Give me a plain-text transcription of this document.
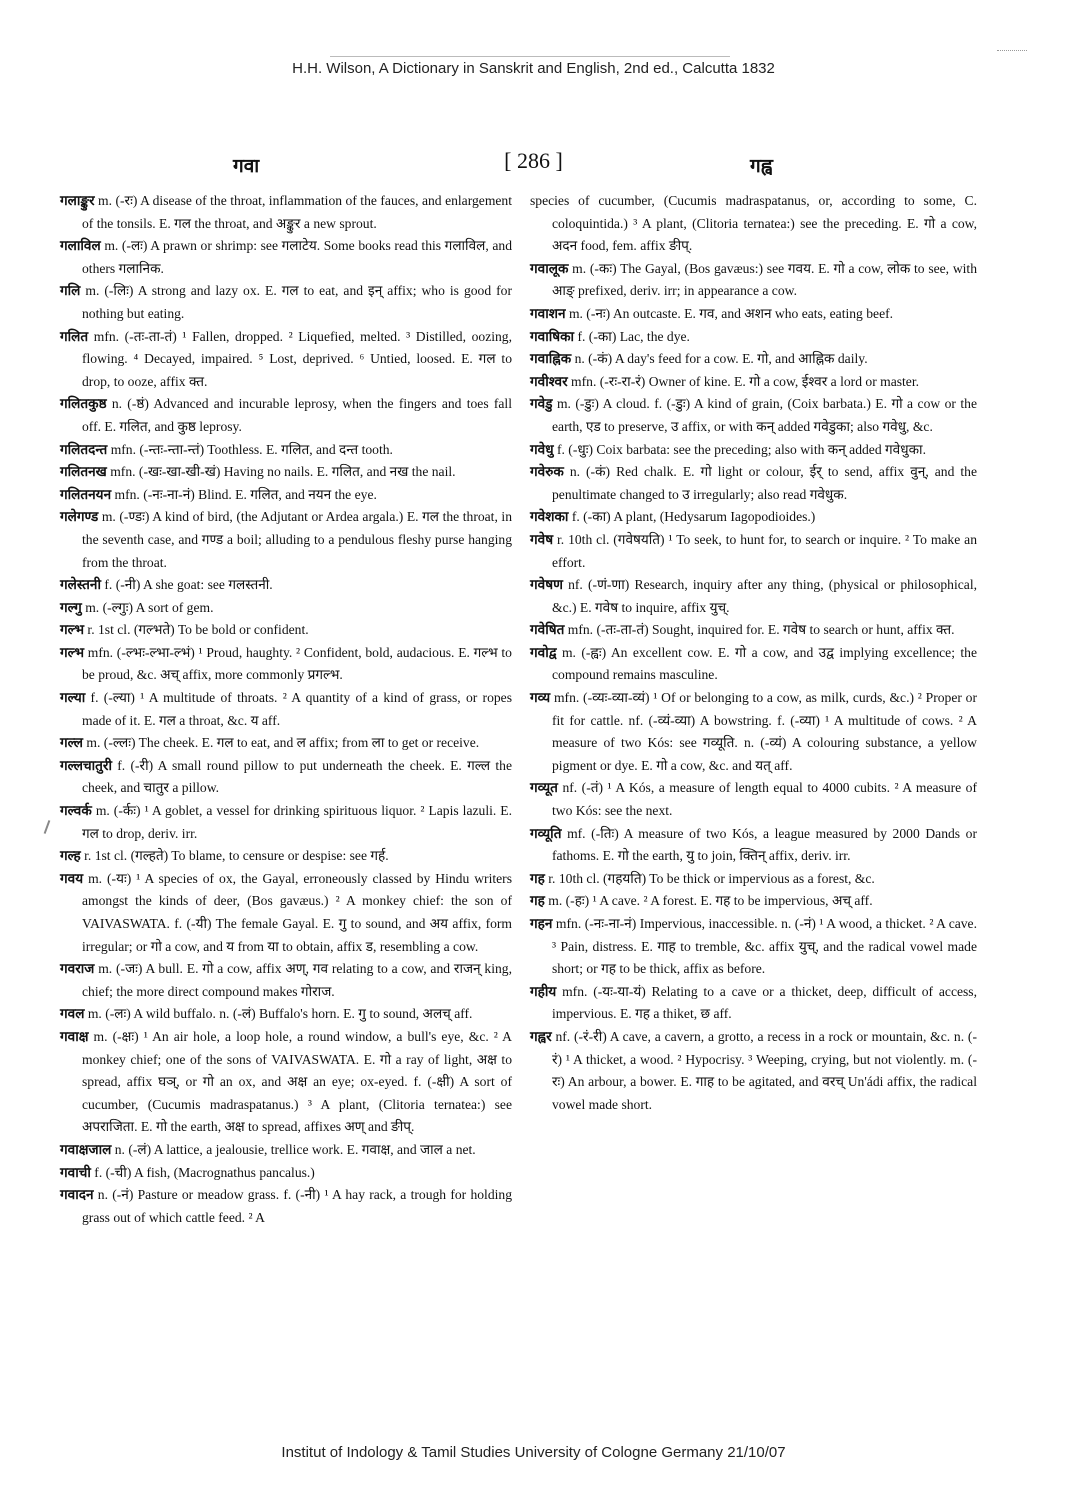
H.H. Wilson, A Dictionary in Sanskrit and English, 2nd ed., Calcutta 1832
गवा	[ 286 ]	गह्व

गलाङ्कुर m. (-रः) A disease of the throat, inflammation of the fauces, and enlargement of the tonsils. E. गल the throat, and अङ्कुर a new sprout.

गलाविल m. (-लः) A prawn or shrimp: see गलाटेय. Some books read this गलाविल, and others गलानिक.

गलि m. (-लिः) A strong and lazy ox. E. गल to eat, and इन् affix; who is good for nothing but eating.

गलित mfn. (-तः-ता-तं) ¹ Fallen, dropped. ² Liquefied, melted. ³ Distilled, oozing, flowing. ⁴ Decayed, impaired. ⁵ Lost, deprived. ⁶ Untied, loosed. E. गल to drop, to ooze, affix क्त.

गलितकुष्ठ n. (-ष्ठं) Advanced and incurable leprosy, when the fingers and toes fall off. E. गलित, and कुष्ठ leprosy.

गलितदन्त mfn. (-न्तः-न्ता-न्तं) Toothless. E. गलित, and दन्त tooth.

गलितनख mfn. (-खः-खा-खी-खं) Having no nails. E. गलित, and नख the nail.

गलितनयन mfn. (-नः-ना-नं) Blind. E. गलित, and नयन the eye.

गलेगण्ड m. (-ण्डः) A kind of bird, (the Adjutant or Ardea argala.) E. गल the throat, in the seventh case, and गण्ड a boil; alluding to a pendulous fleshy purse hanging from the throat.

गलेस्तनी f. (-नी) A she goat: see गलस्तनी.

गल्गु m. (-ल्गुः) A sort of gem.

गल्भ r. 1st cl. (गल्भते) To be bold or confident.

गल्भ mfn. (-ल्भः-ल्भा-ल्भं) ¹ Proud, haughty. ² Confident, bold, audacious. E. गल्भ to be proud, &c. अच् affix, more commonly प्रगल्भ.

गल्या f. (-ल्या) ¹ A multitude of throats. ² A quantity of a kind of grass, or ropes made of it. E. गल a throat, &c. य aff.

गल्ल m. (-ल्लः) The cheek. E. गल to eat, and ल affix; from ला to get or receive.

गल्लचातुरी f. (-री) A small round pillow to put underneath the cheek. E. गल्ल the cheek, and चातुर a pillow.

गल्वर्क m. (-र्कः) ¹ A goblet, a vessel for drinking spirituous liquor. ² Lapis lazuli. E. गल to drop, deriv. irr.

गल्ह r. 1st cl. (गल्हते) To blame, to censure or despise: see गर्ह.

गवय m. (-यः) ¹ A species of ox, the Gayal, erroneously classed by Hindu writers amongst the kinds of deer, (Bos gavæus.) ² A monkey chief: the son of VAIVASWATA. f. (-यी) The female Gayal. E. गु to sound, and अय affix, form irregular; or गो a cow, and य from या to obtain, affix ड, resembling a cow.

गवराज m. (-जः) A bull. E. गो a cow, affix अण्, गव relating to a cow, and राजन् king, chief; the more direct compound makes गोराज.

गवल m. (-लः) A wild buffalo. n. (-लं) Buffalo's horn. E. गु to sound, अलच् aff.

गवाक्ष m. (-क्षः) ¹ An air hole, a loop hole, a round window, a bull's eye, &c. ² A monkey chief; one of the sons of VAIVASWATA. E. गो a ray of light, अक्ष to spread, affix घञ्, or गो an ox, and अक्ष an eye; ox-eyed. f. (-क्षी) A sort of cucumber, (Cucumis madraspatanus.) ³ A plant, (Clitoria ternatea:) see अपराजिता. E. गो the earth, अक्ष to spread, affixes अण् and ङीप्.

गवाक्षजाल n. (-लं) A lattice, a jealousie, trellice work. E. गवाक्ष, and जाल a net.

गवाची f. (-ची) A fish, (Macrognathus pancalus.)

गवादन n. (-नं) Pasture or meadow grass. f. (-नी) ¹ A hay rack, a trough for holding grass out of which cattle feed. ² A

species of cucumber, (Cucumis madraspatanus, or, according to some, C. coloquintida.) ³ A plant, (Clitoria ternatea:) see the preceding. E. गो a cow, अदन food, fem. affix ङीप्.

गवालूक m. (-कः) The Gayal, (Bos gavæus:) see गवय. E. गो a cow, लोक to see, with आङ् prefixed, deriv. irr; in appearance a cow.

गवाशन m. (-नः) An outcaste. E. गव, and अशन who eats, eating beef.

गवाषिका f. (-का) Lac, the dye.

गवाह्निक n. (-कं) A day's feed for a cow. E. गो, and आह्निक daily.

गवीश्वर mfn. (-रः-रा-रं) Owner of kine. E. गो a cow, ईश्वर a lord or master.

गवेडु m. (-डुः) A cloud. f. (-डुः) A kind of grain, (Coix barbata.) E. गो a cow or the earth, एड to preserve, उ affix, or with कन् added गवेडुका; also गवेधु, &c.

गवेधु f. (-धुः) Coix barbata: see the preceding; also with कन् added गवेधुका.

गवेरुक n. (-कं) Red chalk. E. गो light or colour, ईर् to send, affix वुन्, and the penultimate changed to उ irregularly; also read गवेधुक.

गवेशका f. (-का) A plant, (Hedysarum Iagopodioides.)

गवेष r. 10th cl. (गवेषयति) ¹ To seek, to hunt for, to search or inquire. ² To make an effort.

गवेषण nf. (-णं-णा) Research, inquiry after any thing, (physical or philosophical, &c.) E. गवेष to inquire, affix युच्.

गवेषित mfn. (-तः-ता-तं) Sought, inquired for. E. गवेष to search or hunt, affix क्त.

गवोद्व m. (-ह्वः) An excellent cow. E. गो a cow, and उद्व implying excellence; the compound remains masculine.

गव्य mfn. (-व्यः-व्या-व्यं) ¹ Of or belonging to a cow, as milk, curds, &c.) ² Proper or fit for cattle. nf. (-व्यं-व्या) A bowstring. f. (-व्या) ¹ A multitude of cows. ² A measure of two Kós: see गव्यूति. n. (-व्यं) A colouring substance, a yellow pigment or dye. E. गो a cow, &c. and यत् aff.

गव्यूत nf. (-तं) ¹ A Kós, a measure of length equal to 4000 cubits. ² A measure of two Kós: see the next.

गव्यूति mf. (-तिः) A measure of two Kós, a league measured by 2000 Dands or fathoms. E. गो the earth, यु to join, क्तिन् affix, deriv. irr.

गह r. 10th cl. (गहयति) To be thick or impervious as a forest, &c.

गह m. (-हः) ¹ A cave. ² A forest. E. गह to be impervious, अच् aff.

गहन mfn. (-नः-ना-नं) Impervious, inaccessible. n. (-नं) ¹ A wood, a thicket. ² A cave. ³ Pain, distress. E. गाह to tremble, &c. affix युच्, and the radical vowel made short; or गह to be thick, affix as before.

गहीय mfn. (-यः-या-यं) Relating to a cave or a thicket, deep, difficult of access, impervious. E. गह a thiket, छ aff.

गह्वर nf. (-रं-री) A cave, a cavern, a grotto, a recess in a rock or mountain, &c. n. (-रं) ¹ A thicket, a wood. ² Hypocrisy. ³ Weeping, crying, but not violently. m. (-रः) An arbour, a bower. E. गाह to be agitated, and वरच् Un'ádi affix, the radical vowel made short.

Institut of Indology & Tamil Studies University of Cologne Germany 21/10/07
